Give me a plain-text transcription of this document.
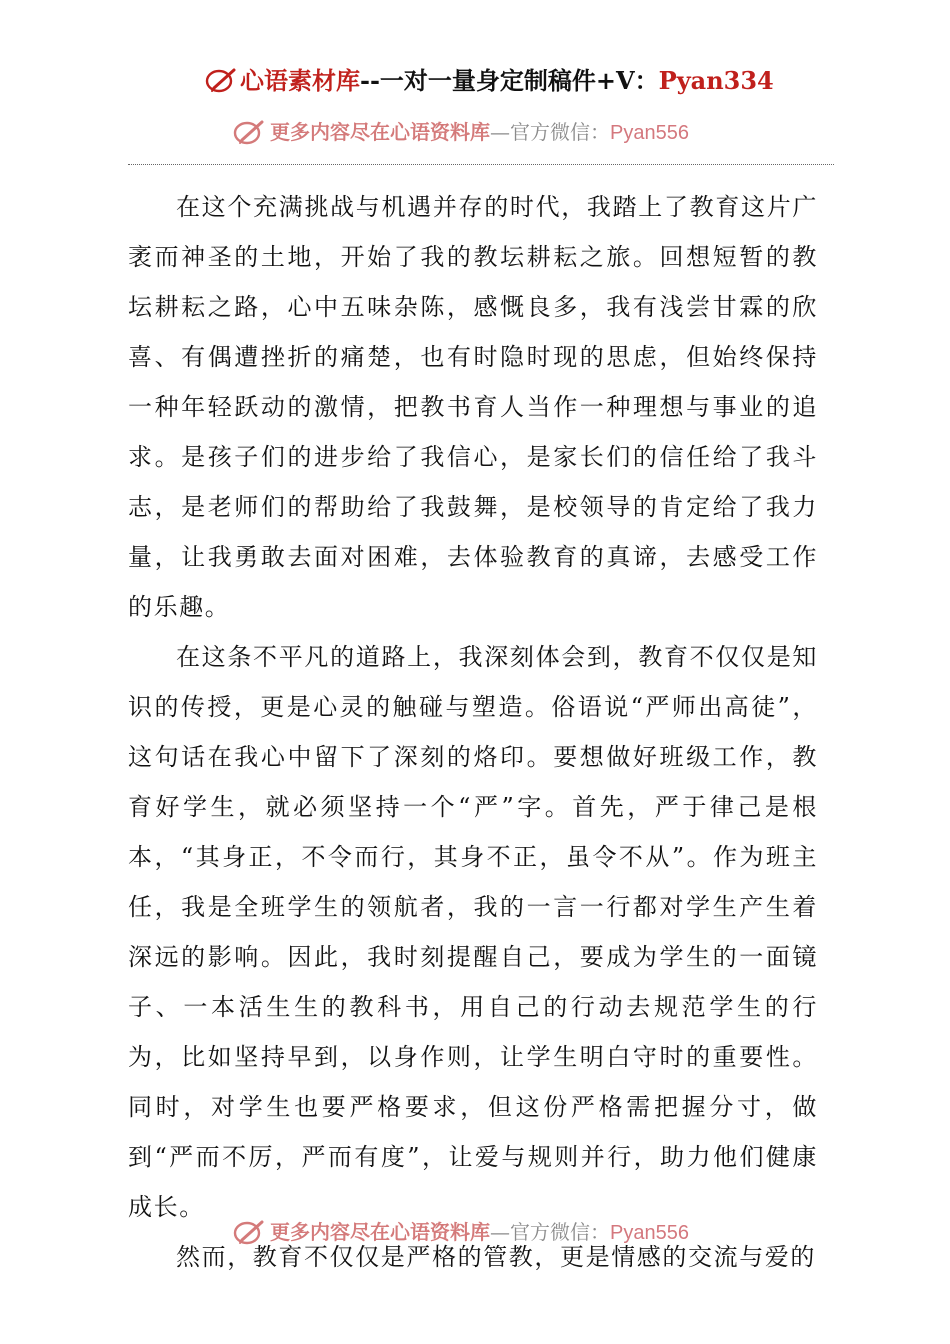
心语素材库--一对一量身定制稿件+V：Pyan334
更多内容尽在心语资料库—官方微信：Pyan556

在这个充满挑战与机遇并存的时代，我踏上了教育这片广袤而神圣的土地，开始了我的教坛耕耘之旅。回想短暂的教坛耕耘之路，心中五味杂陈，感慨良多，我有浅尝甘霖的欣喜、有偶遭挫折的痛楚，也有时隐时现的思虑，但始终保持一种年轻跃动的激情，把教书育人当作一种理想与事业的追求。是孩子们的进步给了我信心，是家长们的信任给了我斗志，是老师们的帮助给了我鼓舞，是校领导的肯定给了我力量，让我勇敢去面对困难，去体验教育的真谛，去感受工作的乐趣。

在这条不平凡的道路上，我深刻体会到，教育不仅仅是知识的传授，更是心灵的触碰与塑造。俗语说“严师出高徒”，这句话在我心中留下了深刻的烙印。要想做好班级工作，教育好学生，就必须坚持一个“严”字。首先，严于律己是根本，“其身正，不令而行，其身不正，虽令不从”。作为班主任，我是全班学生的领航者，我的一言一行都对学生产生着深远的影响。因此，我时刻提醒自己，要成为学生的一面镜子、一本活生生的教科书，用自己的行动去规范学生的行为，比如坚持早到，以身作则，让学生明白守时的重要性。同时，对学生也要严格要求，但这份严格需把握分寸，做到“严而不厉，严而有度”，让爱与规则并行，助力他们健康成长。

然而，教育不仅仅是严格的管教，更是情感的交流与爱的

更多内容尽在心语资料库—官方微信：Pyan556
